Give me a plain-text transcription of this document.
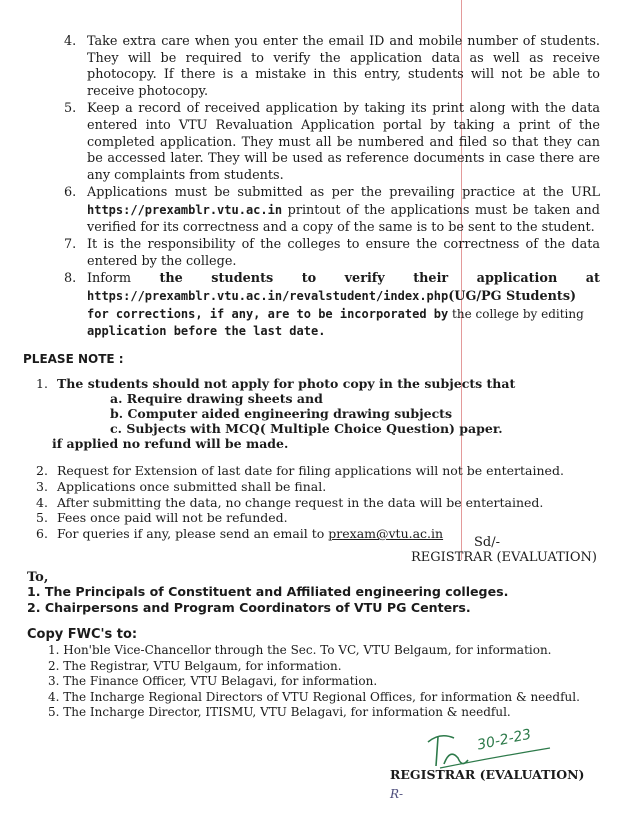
4. Take extra care when you enter the email ID and mobile number of students. They will be required to verify the application data as well as receive photocopy. If there is a mistake in this entry, students will not be able to receive photocopy.
5. Keep a record of received application by taking its print along with the data entered into VTU Revaluation Application portal by taking a print of the completed application. They must all be numbered and filed so that they can be accessed later. They will be used as reference documents in case there are any complaints from students.
6. Applications must be submitted as per the prevailing practice at the URL https://prexamblr.vtu.ac.in printout of the applications must be taken and verified for its correctness and a copy of the same is to be sent to the student.
7. It is the responsibility of the colleges to ensure the correctness of the data entered by the college.
8. Inform the students to verify their application at
https://prexamblr.vtu.ac.in/revalstudent/index.php(UG/PG Students)
for corrections, if any, are to be incorporated by the college by editing
application before the last date.
PLEASE NOTE :
1. The students should not apply for photo copy in the subjects that
a. Require drawing sheets and
b. Computer aided engineering drawing subjects
c. Subjects with MCQ( Multiple Choice Question) paper.
if applied no refund will be made.
2. Request for Extension of last date for filing applications will not be entertained.
3. Applications once submitted shall be final.
4. After submitting the data, no change request in the data will be entertained.
5. Fees once paid will not be refunded.
6. For queries if any, please send an email to prexam@vtu.ac.in
Sd/-
REGISTRAR (EVALUATION)
To,
1. The Principals of Constituent and Affiliated engineering colleges.
2. Chairpersons and Program Coordinators of VTU PG Centers.
Copy FWC's to:
1. Hon'ble Vice-Chancellor through the Sec. To VC, VTU Belgaum, for information.
2. The Registrar, VTU Belgaum, for information.
3. The Finance Officer, VTU Belagavi, for information.
4. The Incharge Regional Directors of VTU Regional Offices, for information & needful.
5. The Incharge Director, ITISMU, VTU Belagavi, for information & needful.
30-2-23
REGISTRAR (EVALUATION)
R-
